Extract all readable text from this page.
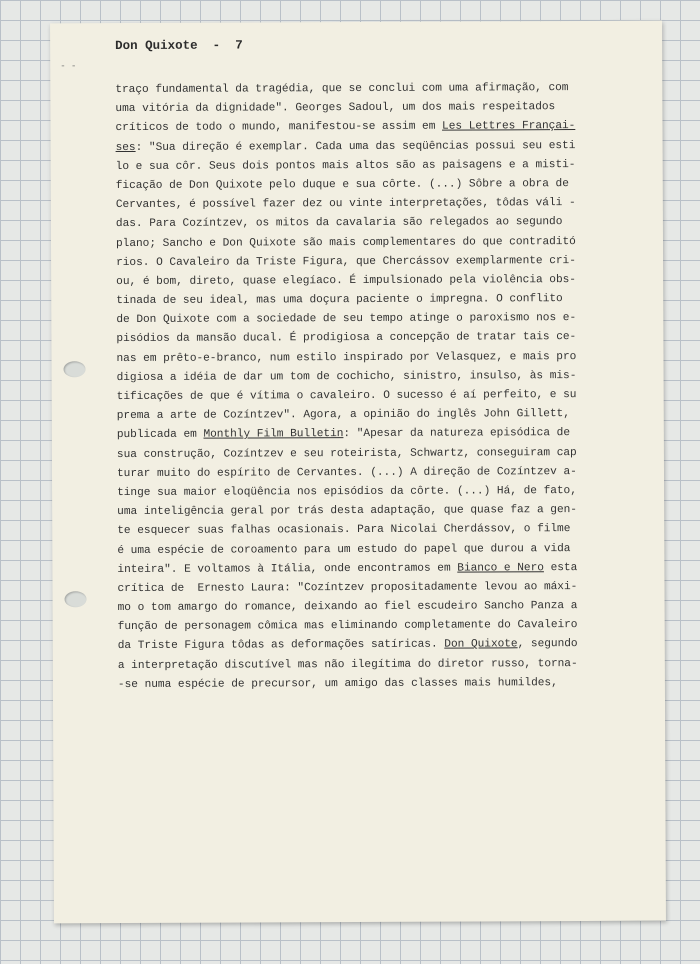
- -
Don Quixote - 7
traço fundamental da tragédia, que se conclui com uma afirmação, com
uma vitória da dignidade". Georges Sadoul, um dos mais respeitados
críticos de todo o mundo, manifestou-se assim em Les Lettres Françai-
ses: "Sua direção é exemplar. Cada uma das seqüências possui seu esti
lo e sua côr. Seus dois pontos mais altos são as paisagens e a misti-
ficação de Don Quixote pelo duque e sua côrte. (...) Sôbre a obra de
Cervantes, é possível fazer dez ou vinte interpretações, tôdas váli -
das. Para Cozíntzev, os mitos da cavalaria são relegados ao segundo
plano; Sancho e Don Quixote são mais complementares do que contraditó
rios. O Cavaleiro da Triste Figura, que Chercássov exemplarmente cri-
ou, é bom, direto, quase elegíaco. É impulsionado pela violência obs-
tinada de seu ideal, mas uma doçura paciente o impregna. O conflito
de Don Quixote com a sociedade de seu tempo atinge o paroxismo nos e-
pisódios da mansão ducal. É prodigiosa a concepção de tratar tais ce-
nas em prêto-e-branco, num estilo inspirado por Velasquez, e mais pro
digiosa a idéia de dar um tom de cochicho, sinistro, insulso, às mis-
tificações de que é vítima o cavaleiro. O sucesso é aí perfeito, e su
prema a arte de Cozíntzev". Agora, a opinião do inglês John Gillett,
publicada em Monthly Film Bulletin: "Apesar da natureza episódica de
sua construção, Cozíntzev e seu roteirista, Schwartz, conseguiram cap
turar muito do espírito de Cervantes. (...) A direção de Cozíntzev a-
tinge sua maior eloqüência nos episódios da côrte. (...) Há, de fato,
uma inteligência geral por trás desta adaptação, que quase faz a gen-
te esquecer suas falhas ocasionais. Para Nicolai Cherdássov, o filme
é uma espécie de coroamento para um estudo do papel que durou a vida
inteira". E voltamos à Itália, onde encontramos em Bianco e Nero esta
crítica de  Ernesto Laura: "Cozíntzev propositadamente levou ao máxi-
mo o tom amargo do romance, deixando ao fiel escudeiro Sancho Panza a
função de personagem cômica mas eliminando completamente do Cavaleiro
da Triste Figura tôdas as deformações satíricas. Don Quixote, segundo
a interpretação discutível mas não ilegítima do diretor russo, torna-
-se numa espécie de precursor, um amigo das classes mais humildes,
